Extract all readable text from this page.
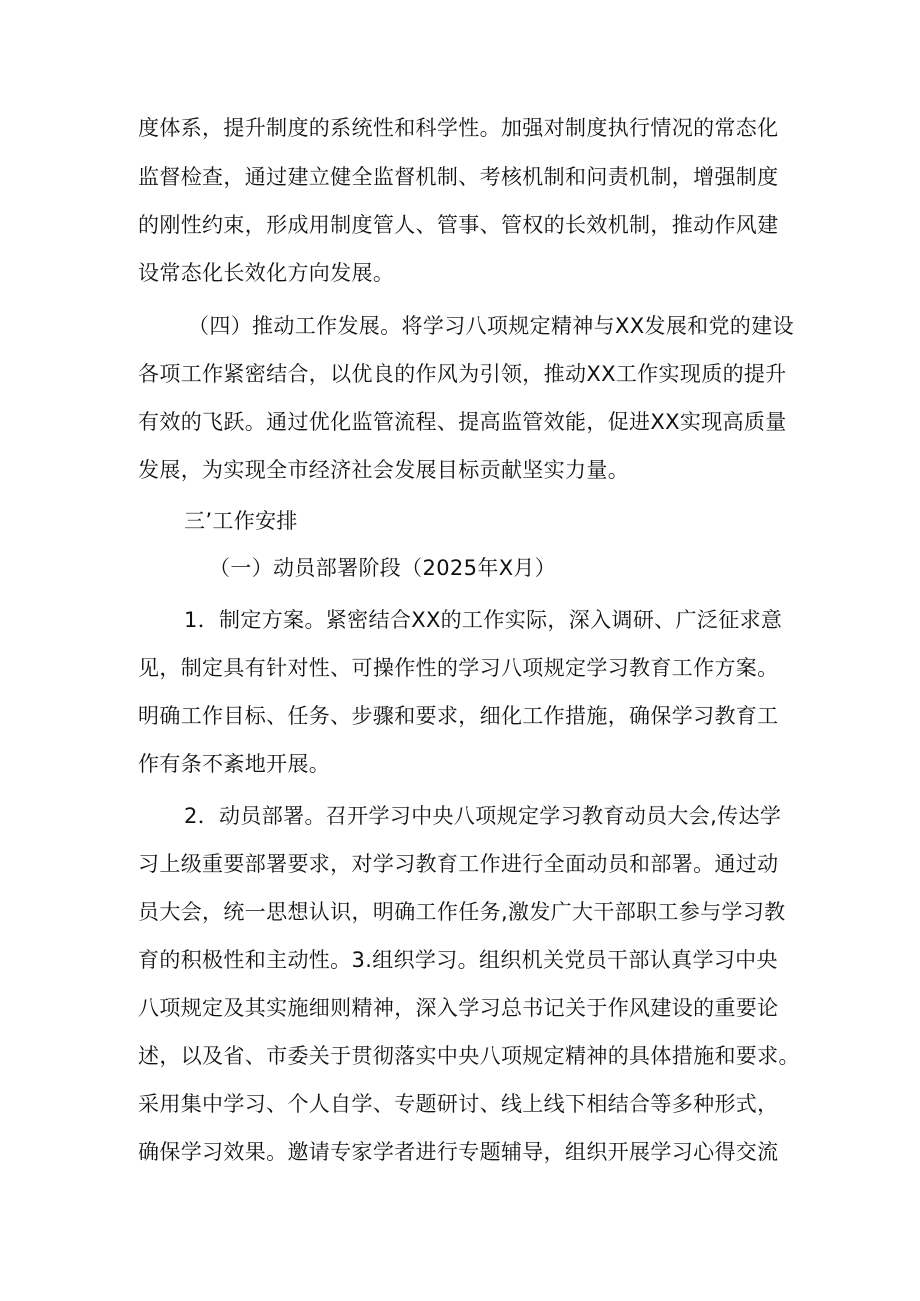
度体系，提升制度的系统性和科学性。加强对制度执行情况的常态化
监督检查，通过建立健全监督机制、考核机制和问责机制，增强制度
的刚性约束，形成用制度管人、管事、管权的长效机制，推动作风建
设常态化长效化方向发展。
（四）推动工作发展。将学习八项规定精神与XX发展和党的建设
各项工作紧密结合，以优良的作风为引领，推动XX工作实现质的提升
有效的飞跃。通过优化监管流程、提高监管效能，促进XX实现高质量
发展，为实现全市经济社会发展目标贡献坚实力量。
三’工作安排
（一）动员部署阶段（2025年X月）
1．制定方案。紧密结合XX的工作实际，深入调研、广泛征求意
见，制定具有针对性、可操作性的学习八项规定学习教育工作方案。
明确工作目标、任务、步骤和要求，细化工作措施，确保学习教育工
作有条不紊地开展。
2．动员部署。召开学习中央八项规定学习教育动员大会,传达学
习上级重要部署要求，对学习教育工作进行全面动员和部署。通过动
员大会，统一思想认识，明确工作任务,激发广大干部职工参与学习教
育的积极性和主动性。3.组织学习。组织机关党员干部认真学习中央
八项规定及其实施细则精神，深入学习总书记关于作风建设的重要论
述，以及省、市委关于贯彻落实中央八项规定精神的具体措施和要求。
采用集中学习、个人自学、专题研讨、线上线下相结合等多种形式，
确保学习效果。邀请专家学者进行专题辅导，组织开展学习心得交流
